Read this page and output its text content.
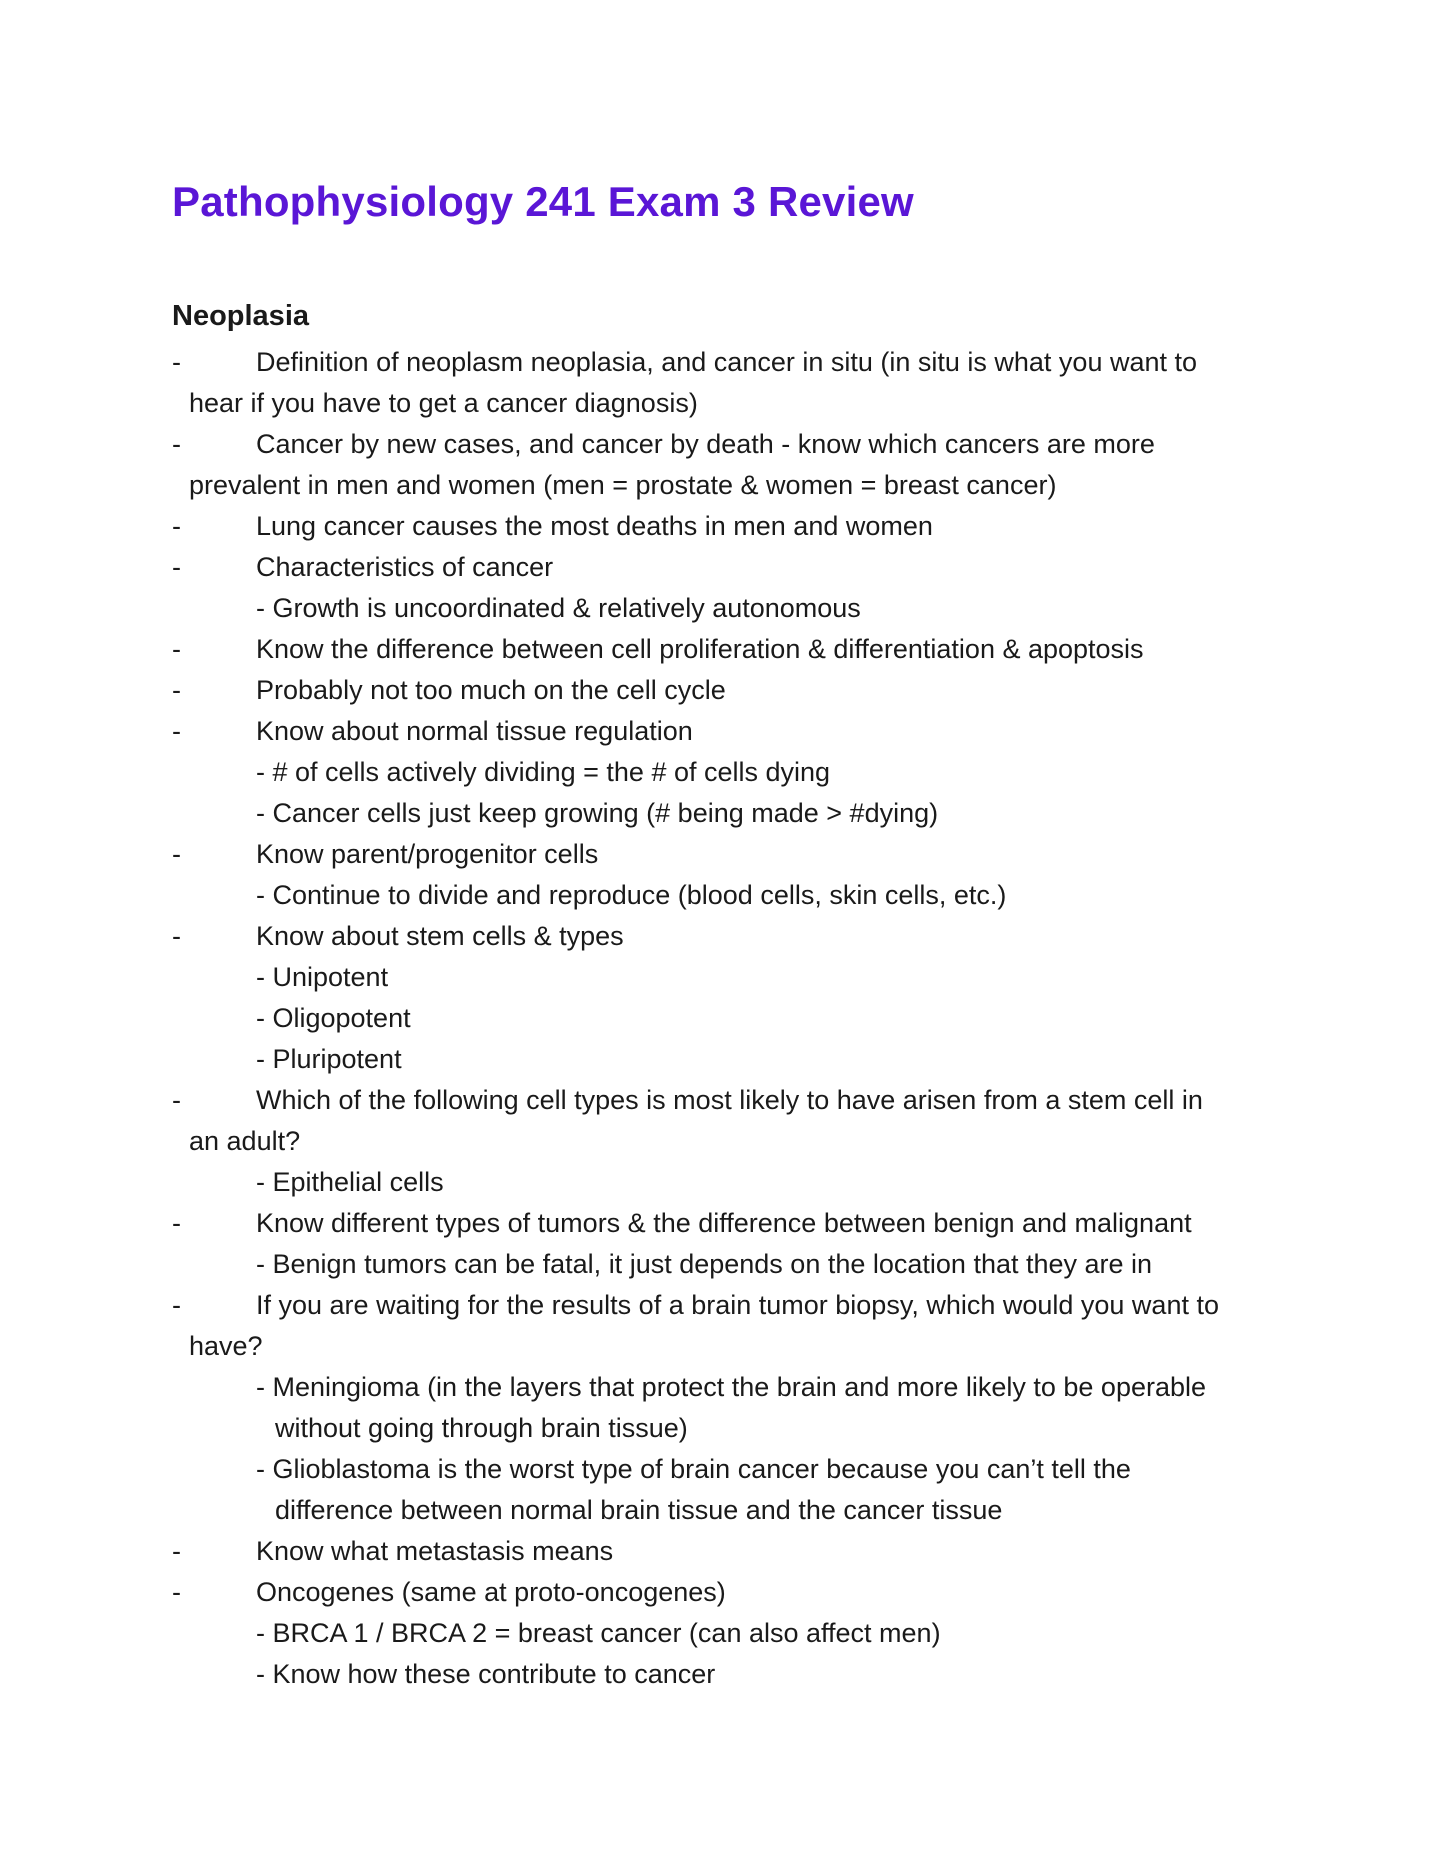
Pathophysiology 241 Exam 3 Review
Neoplasia
-	Definition of neoplasm neoplasia, and cancer in situ (in situ is what you want to
hear if you have to get a cancer diagnosis)
-	Cancer by new cases, and cancer by death - know which cancers are more
prevalent in men and women (men = prostate & women = breast cancer)
-	Lung cancer causes the most deaths in men and women
-	Characteristics of cancer
- Growth is uncoordinated & relatively autonomous
-	Know the difference between cell proliferation & differentiation & apoptosis
-	Probably not too much on the cell cycle
-	Know about normal tissue regulation
- # of cells actively dividing = the # of cells dying
- Cancer cells just keep growing (# being made > #dying)
-	Know parent/progenitor cells
- Continue to divide and reproduce (blood cells, skin cells, etc.)
-	Know about stem cells & types
- Unipotent
- Oligopotent
- Pluripotent
-	Which of the following cell types is most likely to have arisen from a stem cell in
an adult?
- Epithelial cells
-	Know different types of tumors & the difference between benign and malignant
- Benign tumors can be fatal, it just depends on the location that they are in
-	If you are waiting for the results of a brain tumor biopsy, which would you want to
have?
- Meningioma (in the layers that protect the brain and more likely to be operable
without going through brain tissue)
- Glioblastoma is the worst type of brain cancer because you can’t tell the
difference between normal brain tissue and the cancer tissue
-	Know what metastasis means
-	Oncogenes (same at proto-oncogenes)
- BRCA 1 / BRCA 2 = breast cancer (can also affect men)
- Know how these contribute to cancer
